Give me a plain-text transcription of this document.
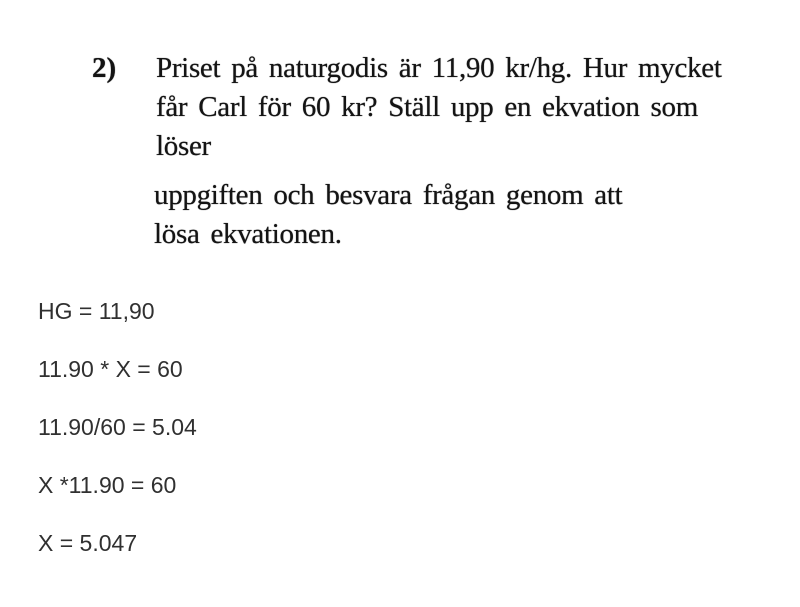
2) Priset på naturgodis är 11,90 kr/hg. Hur mycket
får Carl för 60 kr? Ställ upp en ekvation som
löser
uppgiften och besvara frågan genom att
lösa ekvationen.
HG = 11,90
11.90 * X = 60
11.90/60 = 5.04
X *11.90 = 60
X = 5.047
